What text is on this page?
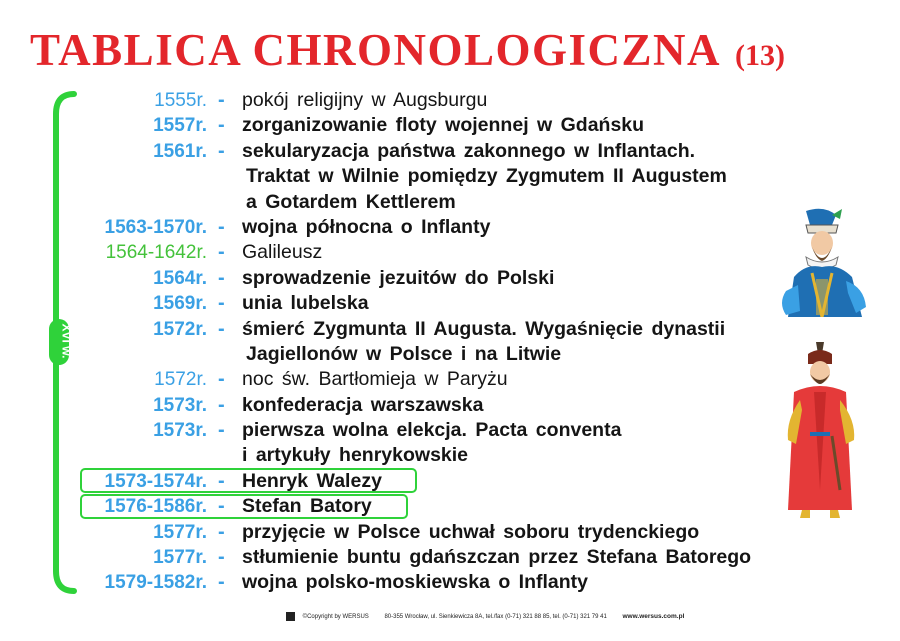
TABLICA CHRONOLOGICZNA (13)
XVI w.
1555r. - pokój religijny w Augsburgu
1557r. - zorganizowanie floty wojennej w Gdańsku
1561r. - sekularyzacja państwa zakonnego w Inflantach.
Traktat w Wilnie pomiędzy Zygmutem II Augustem
a Gotardem Kettlerem
1563-1570r. - wojna północna o Inflanty
1564-1642r. - Galileusz
1564r. - sprowadzenie jezuitów do Polski
1569r. - unia lubelska
1572r. - śmierć Zygmunta II Augusta. Wygaśnięcie dynastii
Jagiellonów w Polsce i na Litwie
1572r. - noc św. Bartłomieja w Paryżu
1573r. - konfederacja warszawska
1573r. - pierwsza wolna elekcja. Pacta conventa
i artykuły henrykowskie
1573-1574r. - Henryk Walezy
1576-1586r. - Stefan Batory
1577r. - przyjęcie w Polsce uchwał soboru trydenckiego
1577r. - stłumienie buntu gdańszczan przez Stefana Batorego
1579-1582r. - wojna polsko-moskiewska o Inflanty
©Copyright by WERSUS	80-355 Wrocław, ul. Sienkiewicza 8A, tel./fax (0-71) 321 88 85, tel. (0-71) 321 79 41 www.wersus.com.pl
